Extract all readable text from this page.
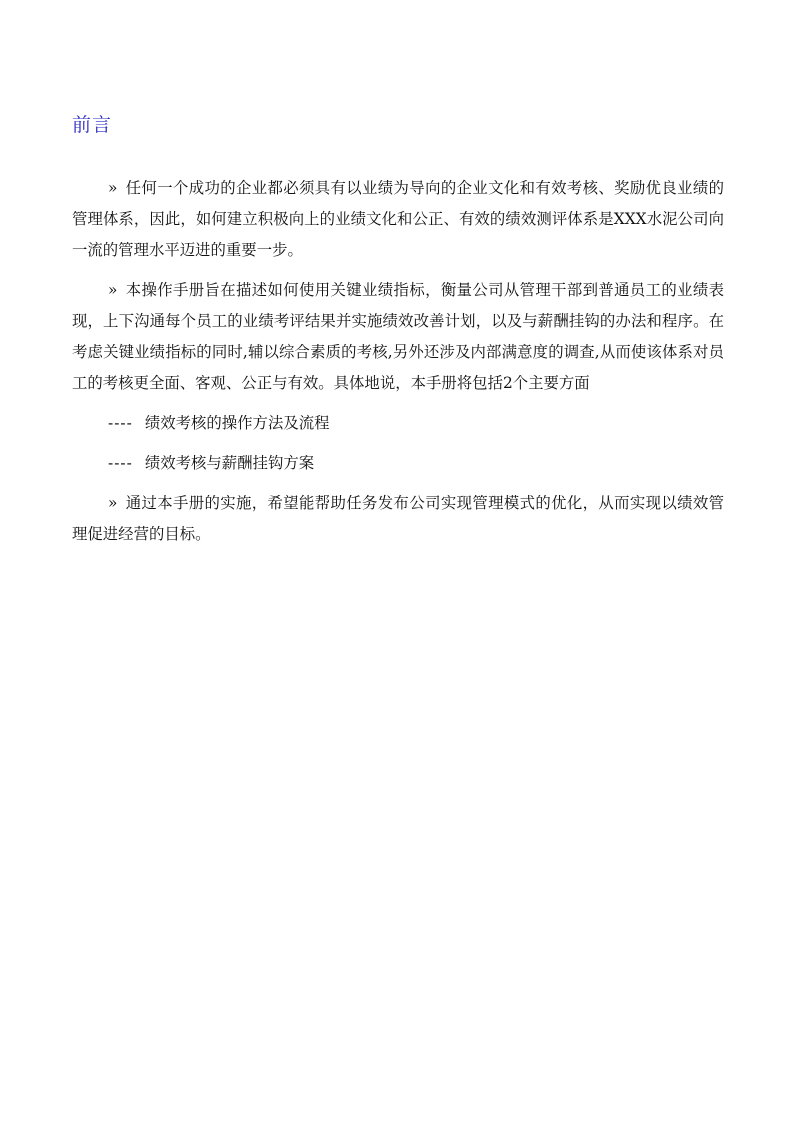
前言

» 任何一个成功的企业都必须具有以业绩为导向的企业文化和有效考核、奖励优良业绩的管理体系，因此，如何建立积极向上的业绩文化和公正、有效的绩效测评体系是XXX水泥公司向一流的管理水平迈进的重要一步。

» 本操作手册旨在描述如何使用关键业绩指标，衡量公司从管理干部到普通员工的业绩表现，上下沟通每个员工的业绩考评结果并实施绩效改善计划，以及与薪酬挂钩的办法和程序。在考虑关键业绩指标的同时,辅以综合素质的考核,另外还涉及内部满意度的调查,从而使该体系对员工的考核更全面、客观、公正与有效。具体地说，本手册将包括2个主要方面

---- 绩效考核的操作方法及流程
---- 绩效考核与薪酬挂钩方案

» 通过本手册的实施，希望能帮助任务发布公司实现管理模式的优化，从而实现以绩效管理促进经营的目标。
